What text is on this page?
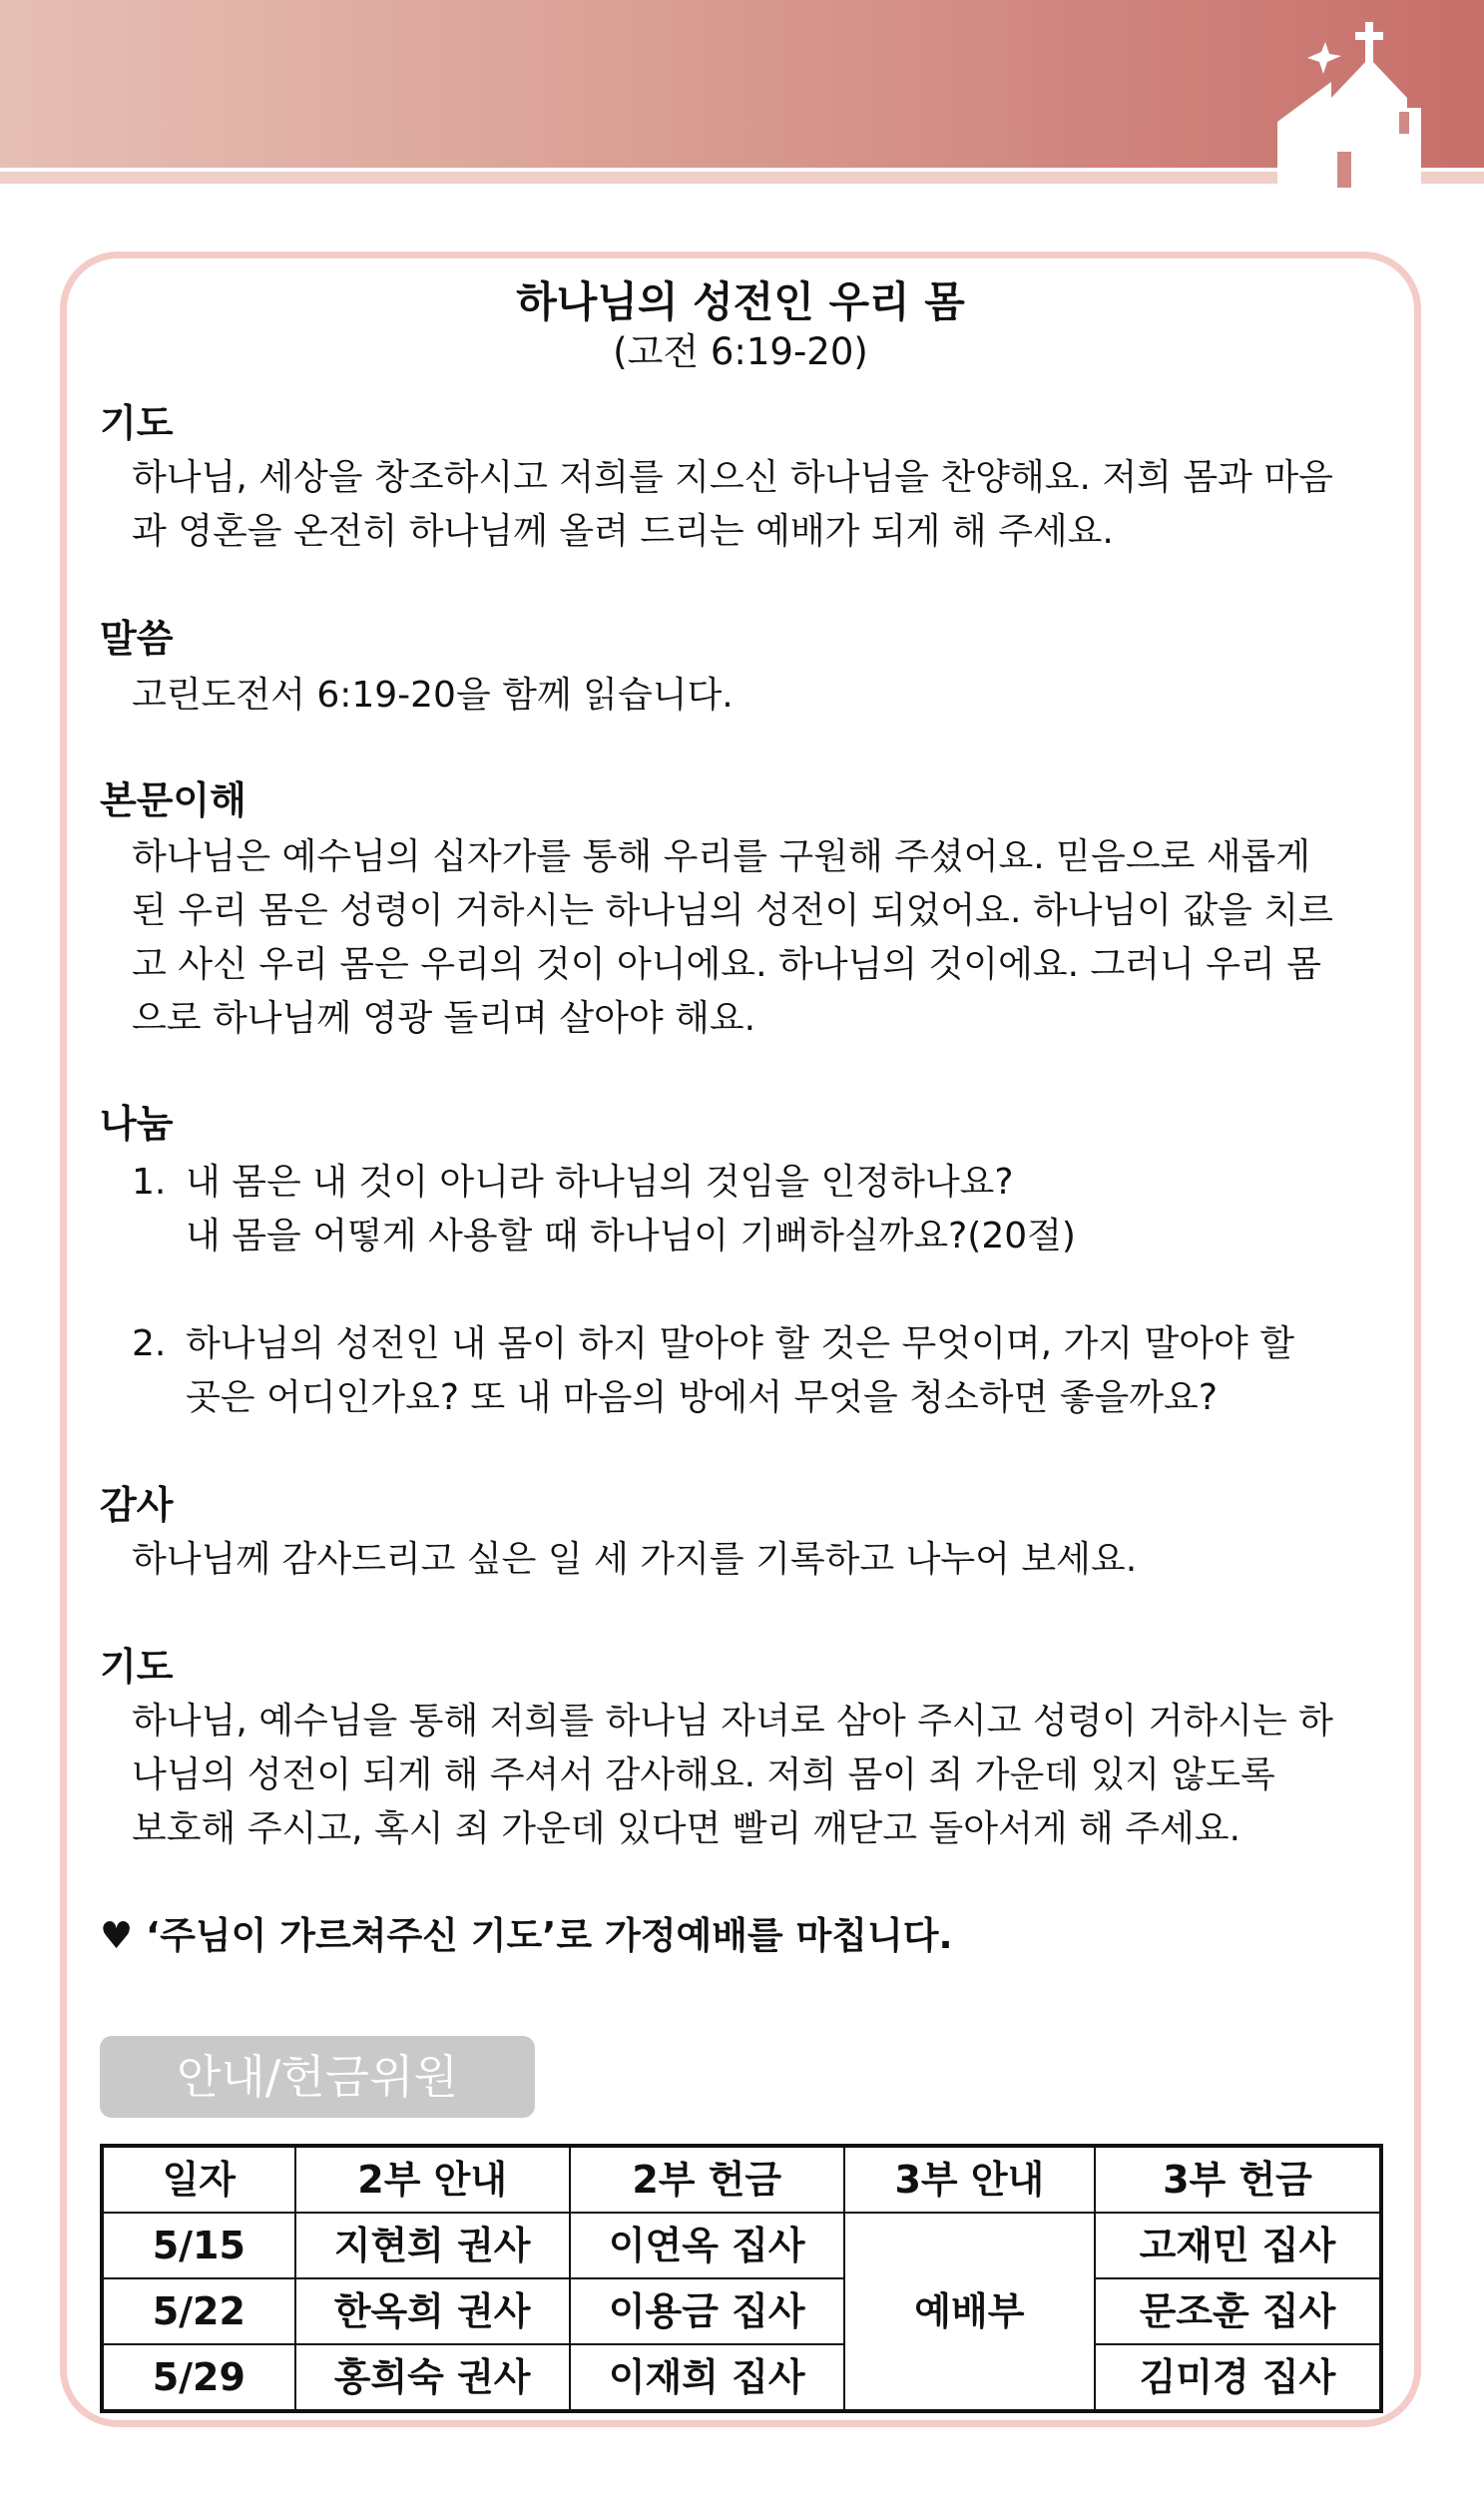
하나님의 성전인 우리 몸
(고전 6:19-20)
기도
하나님, 세상을 창조하시고 저희를 지으신 하나님을 찬양해요. 저희 몸과 마음
과 영혼을 온전히 하나님께 올려 드리는 예배가 되게 해 주세요.
말씀
고린도전서 6:19-20을 함께 읽습니다.
본문이해
하나님은 예수님의 십자가를 통해 우리를 구원해 주셨어요. 믿음으로 새롭게
된 우리 몸은 성령이 거하시는 하나님의 성전이 되었어요. 하나님이 값을 치르
고 사신 우리 몸은 우리의 것이 아니에요. 하나님의 것이에요. 그러니 우리 몸
으로 하나님께 영광 돌리며 살아야 해요.
나눔
1. 내 몸은 내 것이 아니라 하나님의 것임을 인정하나요?
내 몸을 어떻게 사용할 때 하나님이 기뻐하실까요?(20절)
2. 하나님의 성전인 내 몸이 하지 말아야 할 것은 무엇이며, 가지 말아야 할
곳은 어디인가요? 또 내 마음의 방에서 무엇을 청소하면 좋을까요?
감사
하나님께 감사드리고 싶은 일 세 가지를 기록하고 나누어 보세요.
기도
하나님, 예수님을 통해 저희를 하나님 자녀로 삼아 주시고 성령이 거하시는 하
나님의 성전이 되게 해 주셔서 감사해요. 저희 몸이 죄 가운데 있지 않도록
보호해 주시고, 혹시 죄 가운데 있다면 빨리 깨닫고 돌아서게 해 주세요.
♥ ‘주님이 가르쳐주신 기도’로 가정예배를 마칩니다.
안내/헌금위원
일자	2부 안내	2부 헌금	3부 안내	3부 헌금
5/15	지현희 권사	이연옥 집사	예배부	고재민 집사
5/22	한옥희 권사	이용금 집사		문조훈 집사
5/29	홍희숙 권사	이재희 집사		김미경 집사
